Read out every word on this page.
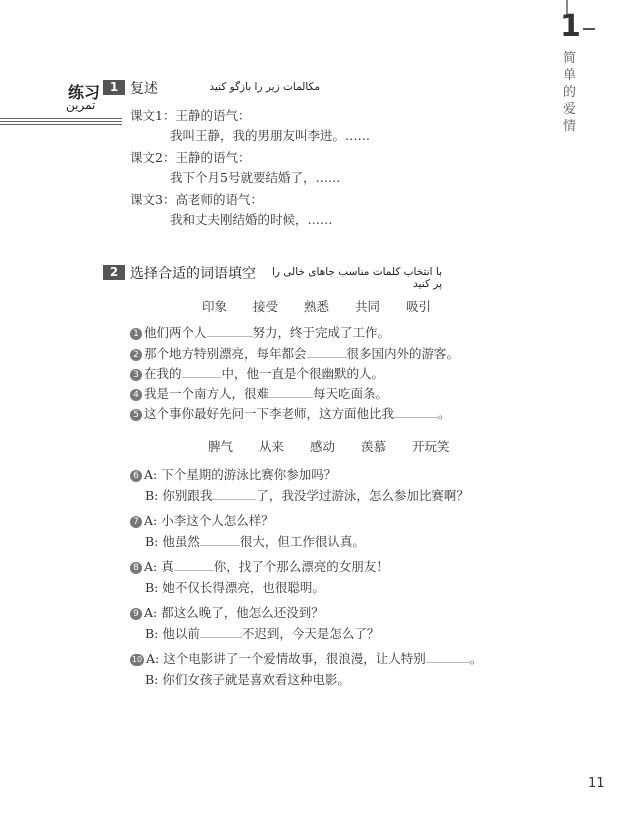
1
简单的爱情
练习
تمرین
1 复述	مکالمات زیر را بازگو کنید
课文1：王静的语气：
我叫王静，我的男朋友叫李进。……
课文2：王静的语气：
我下个月5号就要结婚了，……
课文3：高老师的语气：
我和丈夫刚结婚的时候，……
2 选择合适的词语填空	با انتخاب کلمات مناسب جاهای خالی را پر کنید
印象 接受 熟悉 共同 吸引
1 他们两个人	努力，终于完成了工作。
2 那个地方特别漂亮，每年都会	很多国内外的游客。
3 在我的	中，他一直是个很幽默的人。
4 我是一个南方人，很难	每天吃面条。
5 这个事你最好先问一下李老师，这方面他比我	。
脾气 从来 感动 羡慕 开玩笑
6 A: 下个星期的游泳比赛你参加吗？
B: 你别跟我	了，我没学过游泳，怎么参加比赛啊？
7 A: 小李这个人怎么样？
B: 他虽然	很大，但工作很认真。
8 A: 真	你，找了个那么漂亮的女朋友！
B: 她不仅长得漂亮，也很聪明。
9 A: 都这么晚了，他怎么还没到？
B: 他以前	不迟到，今天是怎么了？
10 A: 这个电影讲了一个爱情故事，很浪漫，让人特别	。
B: 你们女孩子就是喜欢看这种电影。
11
